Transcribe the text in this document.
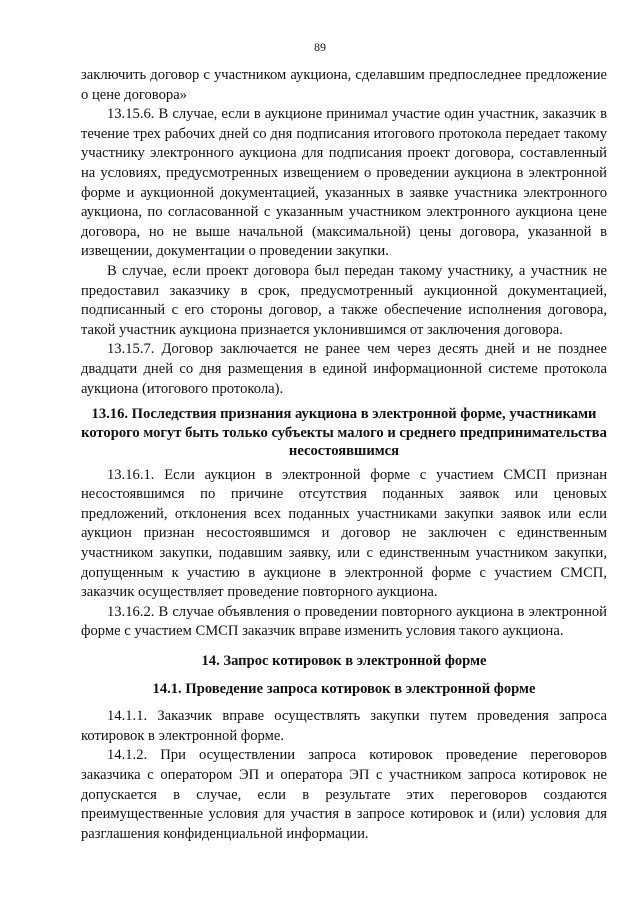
89

заключить договор с участником аукциона, сделавшим предпоследнее предложение о цене договора»

13.15.6. В случае, если в аукционе принимал участие один участник, заказчик в течение трех рабочих дней со дня подписания итогового протокола передает такому участнику электронного аукциона для подписания проект договора, составленный на условиях, предусмотренных извещением о проведении аукциона в электронной форме и аукционной документацией, указанных в заявке участника электронного аукциона, по согласованной с указанным участником электронного аукциона цене договора, но не выше начальной (максимальной) цены договора, указанной в извещении, документации о проведении закупки.

В случае, если проект договора был передан такому участнику, а участник не предоставил заказчику в срок, предусмотренный аукционной документацией, подписанный с его стороны договор, а также обеспечение исполнения договора, такой участник аукциона признается уклонившимся от заключения договора.

13.15.7. Договор заключается не ранее чем через десять дней и не позднее двадцати дней со дня размещения в единой информационной системе протокола аукциона (итогового протокола).

13.16. Последствия признания аукциона в электронной форме, участниками которого могут быть только субъекты малого и среднего предпринимательства несостоявшимся

13.16.1. Если аукцион в электронной форме с участием СМСП признан несостоявшимся по причине отсутствия поданных заявок или ценовых предложений, отклонения всех поданных участниками закупки заявок или если аукцион признан несостоявшимся и договор не заключен с единственным участником закупки, подавшим заявку, или с единственным участником закупки, допущенным к участию в аукционе в электронной форме с участием СМСП, заказчик осуществляет проведение повторного аукциона.

13.16.2. В случае объявления о проведении повторного аукциона в электронной форме с участием СМСП заказчик вправе изменить условия такого аукциона.

14. Запрос котировок в электронной форме

14.1. Проведение запроса котировок в электронной форме

14.1.1. Заказчик вправе осуществлять закупки путем проведения запроса котировок в электронной форме.

14.1.2. При осуществлении запроса котировок проведение переговоров заказчика с оператором ЭП и оператора ЭП с участником запроса котировок не допускается в случае, если в результате этих переговоров создаются преимущественные условия для участия в запросе котировок и (или) условия для разглашения конфиденциальной информации.
